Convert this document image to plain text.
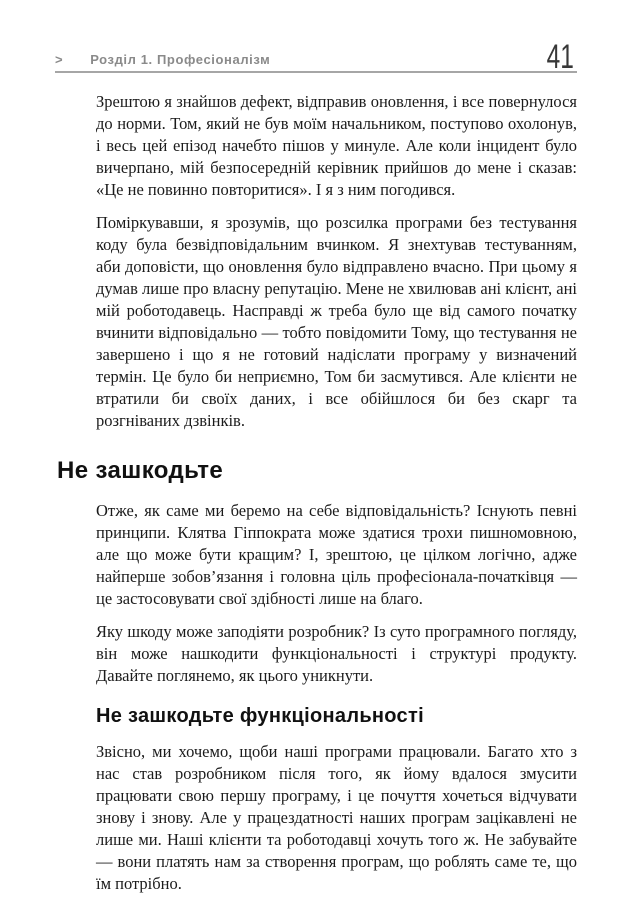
> Розділ 1. Професіоналізм	41

Зрештою я знайшов дефект, відправив оновлення, і все повернулося до норми. Том, який не був моїм начальником, поступово охолонув, і весь цей епізод начебто пішов у минуле. Але коли інцидент було вичерпано, мій безпосередній керівник прийшов до мене і сказав: «Це не повинно повторитися». І я з ним погодився.

Поміркувавши, я зрозумів, що розсилка програми без тестування коду була безвідповідальним вчинком. Я знехтував тестуванням, аби доповісти, що оновлення було відправлено вчасно. При цьому я думав лише про власну репутацію. Мене не хвилював ані клієнт, ані мій роботодавець. Насправді ж треба було ще від самого початку вчинити відповідально — тобто повідомити Тому, що тестування не завершено і що я не готовий надіслати програму у визначений термін. Це було би неприємно, Том би засмутився. Але клієнти не втратили би своїх даних, і все обійшлося би без скарг та розгніваних дзвінків.

Не зашкодьте

Отже, як саме ми беремо на себе відповідальність? Існують певні принципи. Клятва Гіппократа може здатися трохи пишномовною, але що може бути кращим? І, зрештою, це цілком логічно, адже найперше зобов’язання і головна ціль професіонала-початківця — це застосовувати свої здібності лише на благо.

Яку шкоду може заподіяти розробник? Із суто програмного погляду, він може нашкодити функціональності і структурі продукту. Давайте поглянемо, як цього уникнути.

Не зашкодьте функціональності

Звісно, ми хочемо, щоби наші програми працювали. Багато хто з нас став розробником після того, як йому вдалося змусити працювати свою першу програму, і це почуття хочеться відчувати знову і знову. Але у працездатності наших програм зацікавлені не лише ми. Наші клієнти та роботодавці хочуть того ж. Не забувайте — вони платять нам за створення програм, що роблять саме те, що їм потрібно.
